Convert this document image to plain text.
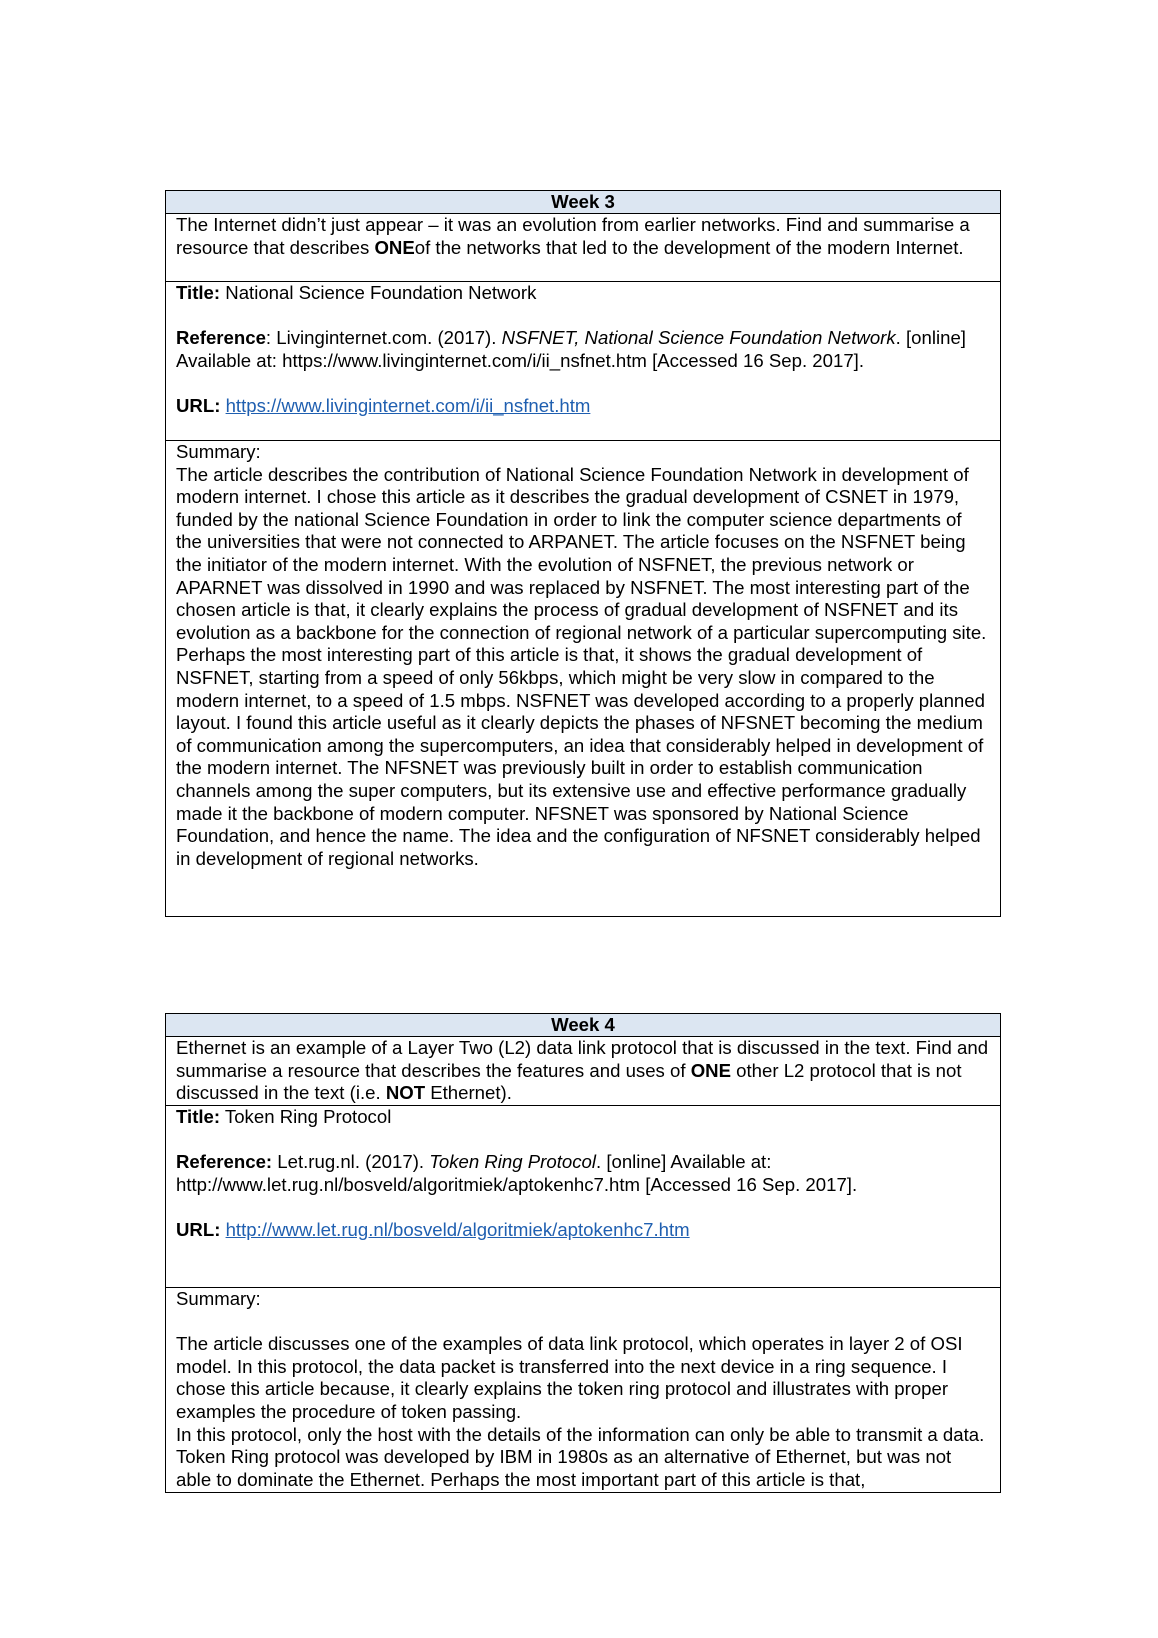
Week 3
The Internet didn’t just appear – it was an evolution from earlier networks. Find and summarise a resource that describes ONEof the networks that led to the development of the modern Internet.
Title: National Science Foundation Network
Reference: Livinginternet.com. (2017). NSFNET, National Science Foundation Network. [online] Available at: https://www.livinginternet.com/i/ii_nsfnet.htm [Accessed 16 Sep. 2017].
URL: https://www.livinginternet.com/i/ii_nsfnet.htm
Summary:
The article describes the contribution of National Science Foundation Network in development of modern internet. I chose this article as it describes the gradual development of CSNET in 1979, funded by the national Science Foundation in order to link the computer science departments of the universities that were not connected to ARPANET. The article focuses on the NSFNET being the initiator of the modern internet. With the evolution of NSFNET, the previous network or APARNET was dissolved in 1990 and was replaced by NSFNET. The most interesting part of the chosen article is that, it clearly explains the process of gradual development of NSFNET and its evolution as a backbone for the connection of regional network of a particular supercomputing site. Perhaps the most interesting part of this article is that, it shows the gradual development of NSFNET, starting from a speed of only 56kbps, which might be very slow in compared to the modern internet, to a speed of 1.5 mbps. NSFNET was developed according to a properly planned layout. I found this article useful as it clearly depicts the phases of NFSNET becoming the medium of communication among the supercomputers, an idea that considerably helped in development of the modern internet. The NFSNET was previously built in order to establish communication channels among the super computers, but its extensive use and effective performance gradually made it the backbone of modern computer. NFSNET was sponsored by National Science Foundation, and hence the name. The idea and the configuration of NFSNET considerably helped in development of regional networks.
Week 4
Ethernet is an example of a Layer Two (L2) data link protocol that is discussed in the text. Find and summarise a resource that describes the features and uses of ONE other L2 protocol that is not discussed in the text (i.e. NOT Ethernet).
Title: Token Ring Protocol
Reference: Let.rug.nl. (2017). Token Ring Protocol. [online] Available at: http://www.let.rug.nl/bosveld/algoritmiek/aptokenhc7.htm [Accessed 16 Sep. 2017].
URL: http://www.let.rug.nl/bosveld/algoritmiek/aptokenhc7.htm
Summary:
The article discusses one of the examples of data link protocol, which operates in layer 2 of OSI model. In this protocol, the data packet is transferred into the next device in a ring sequence. I chose this article because, it clearly explains the token ring protocol and illustrates with proper examples the procedure of token passing.
In this protocol, only the host with the details of the information can only be able to transmit a data. Token Ring protocol was developed by IBM in 1980s as an alternative of Ethernet, but was not able to dominate the Ethernet. Perhaps the most important part of this article is that,
